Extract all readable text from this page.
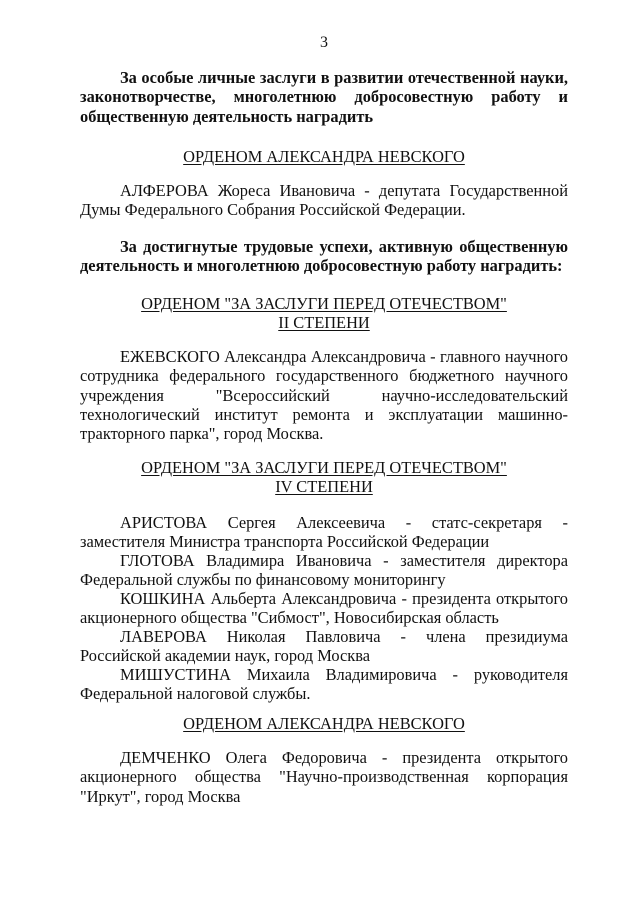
3
За особые личные заслуги в развитии отечественной науки, законотворчестве, многолетнюю добросовестную работу и общественную деятельность наградить
ОРДЕНОМ АЛЕКСАНДРА НЕВСКОГО
АЛФЕРОВА Жореса Ивановича - депутата Государственной Думы Федерального Собрания Российской Федерации.
За достигнутые трудовые успехи, активную общественную деятельность и многолетнюю добросовестную работу наградить:
ОРДЕНОМ "ЗА ЗАСЛУГИ ПЕРЕД ОТЕЧЕСТВОМ"
II СТЕПЕНИ
ЕЖЕВСКОГО Александра Александровича - главного научного сотрудника федерального государственного бюджетного научного учреждения "Всероссийский научно-исследовательский технологический институт ремонта и эксплуатации машинно-тракторного парка", город Москва.
ОРДЕНОМ "ЗА ЗАСЛУГИ ПЕРЕД ОТЕЧЕСТВОМ"
IV СТЕПЕНИ
АРИСТОВА Сергея Алексеевича - статс-секретаря - заместителя Министра транспорта Российской Федерации
ГЛОТОВА Владимира Ивановича - заместителя директора Федеральной службы по финансовому мониторингу
КОШКИНА Альберта Александровича - президента открытого акционерного общества "Сибмост", Новосибирская область
ЛАВЕРОВА Николая Павловича - члена президиума Российской академии наук, город Москва
МИШУСТИНА Михаила Владимировича - руководителя Федеральной налоговой службы.
ОРДЕНОМ АЛЕКСАНДРА НЕВСКОГО
ДЕМЧЕНКО Олега Федоровича - президента открытого акционерного общества "Научно-производственная корпорация "Иркут", город Москва
